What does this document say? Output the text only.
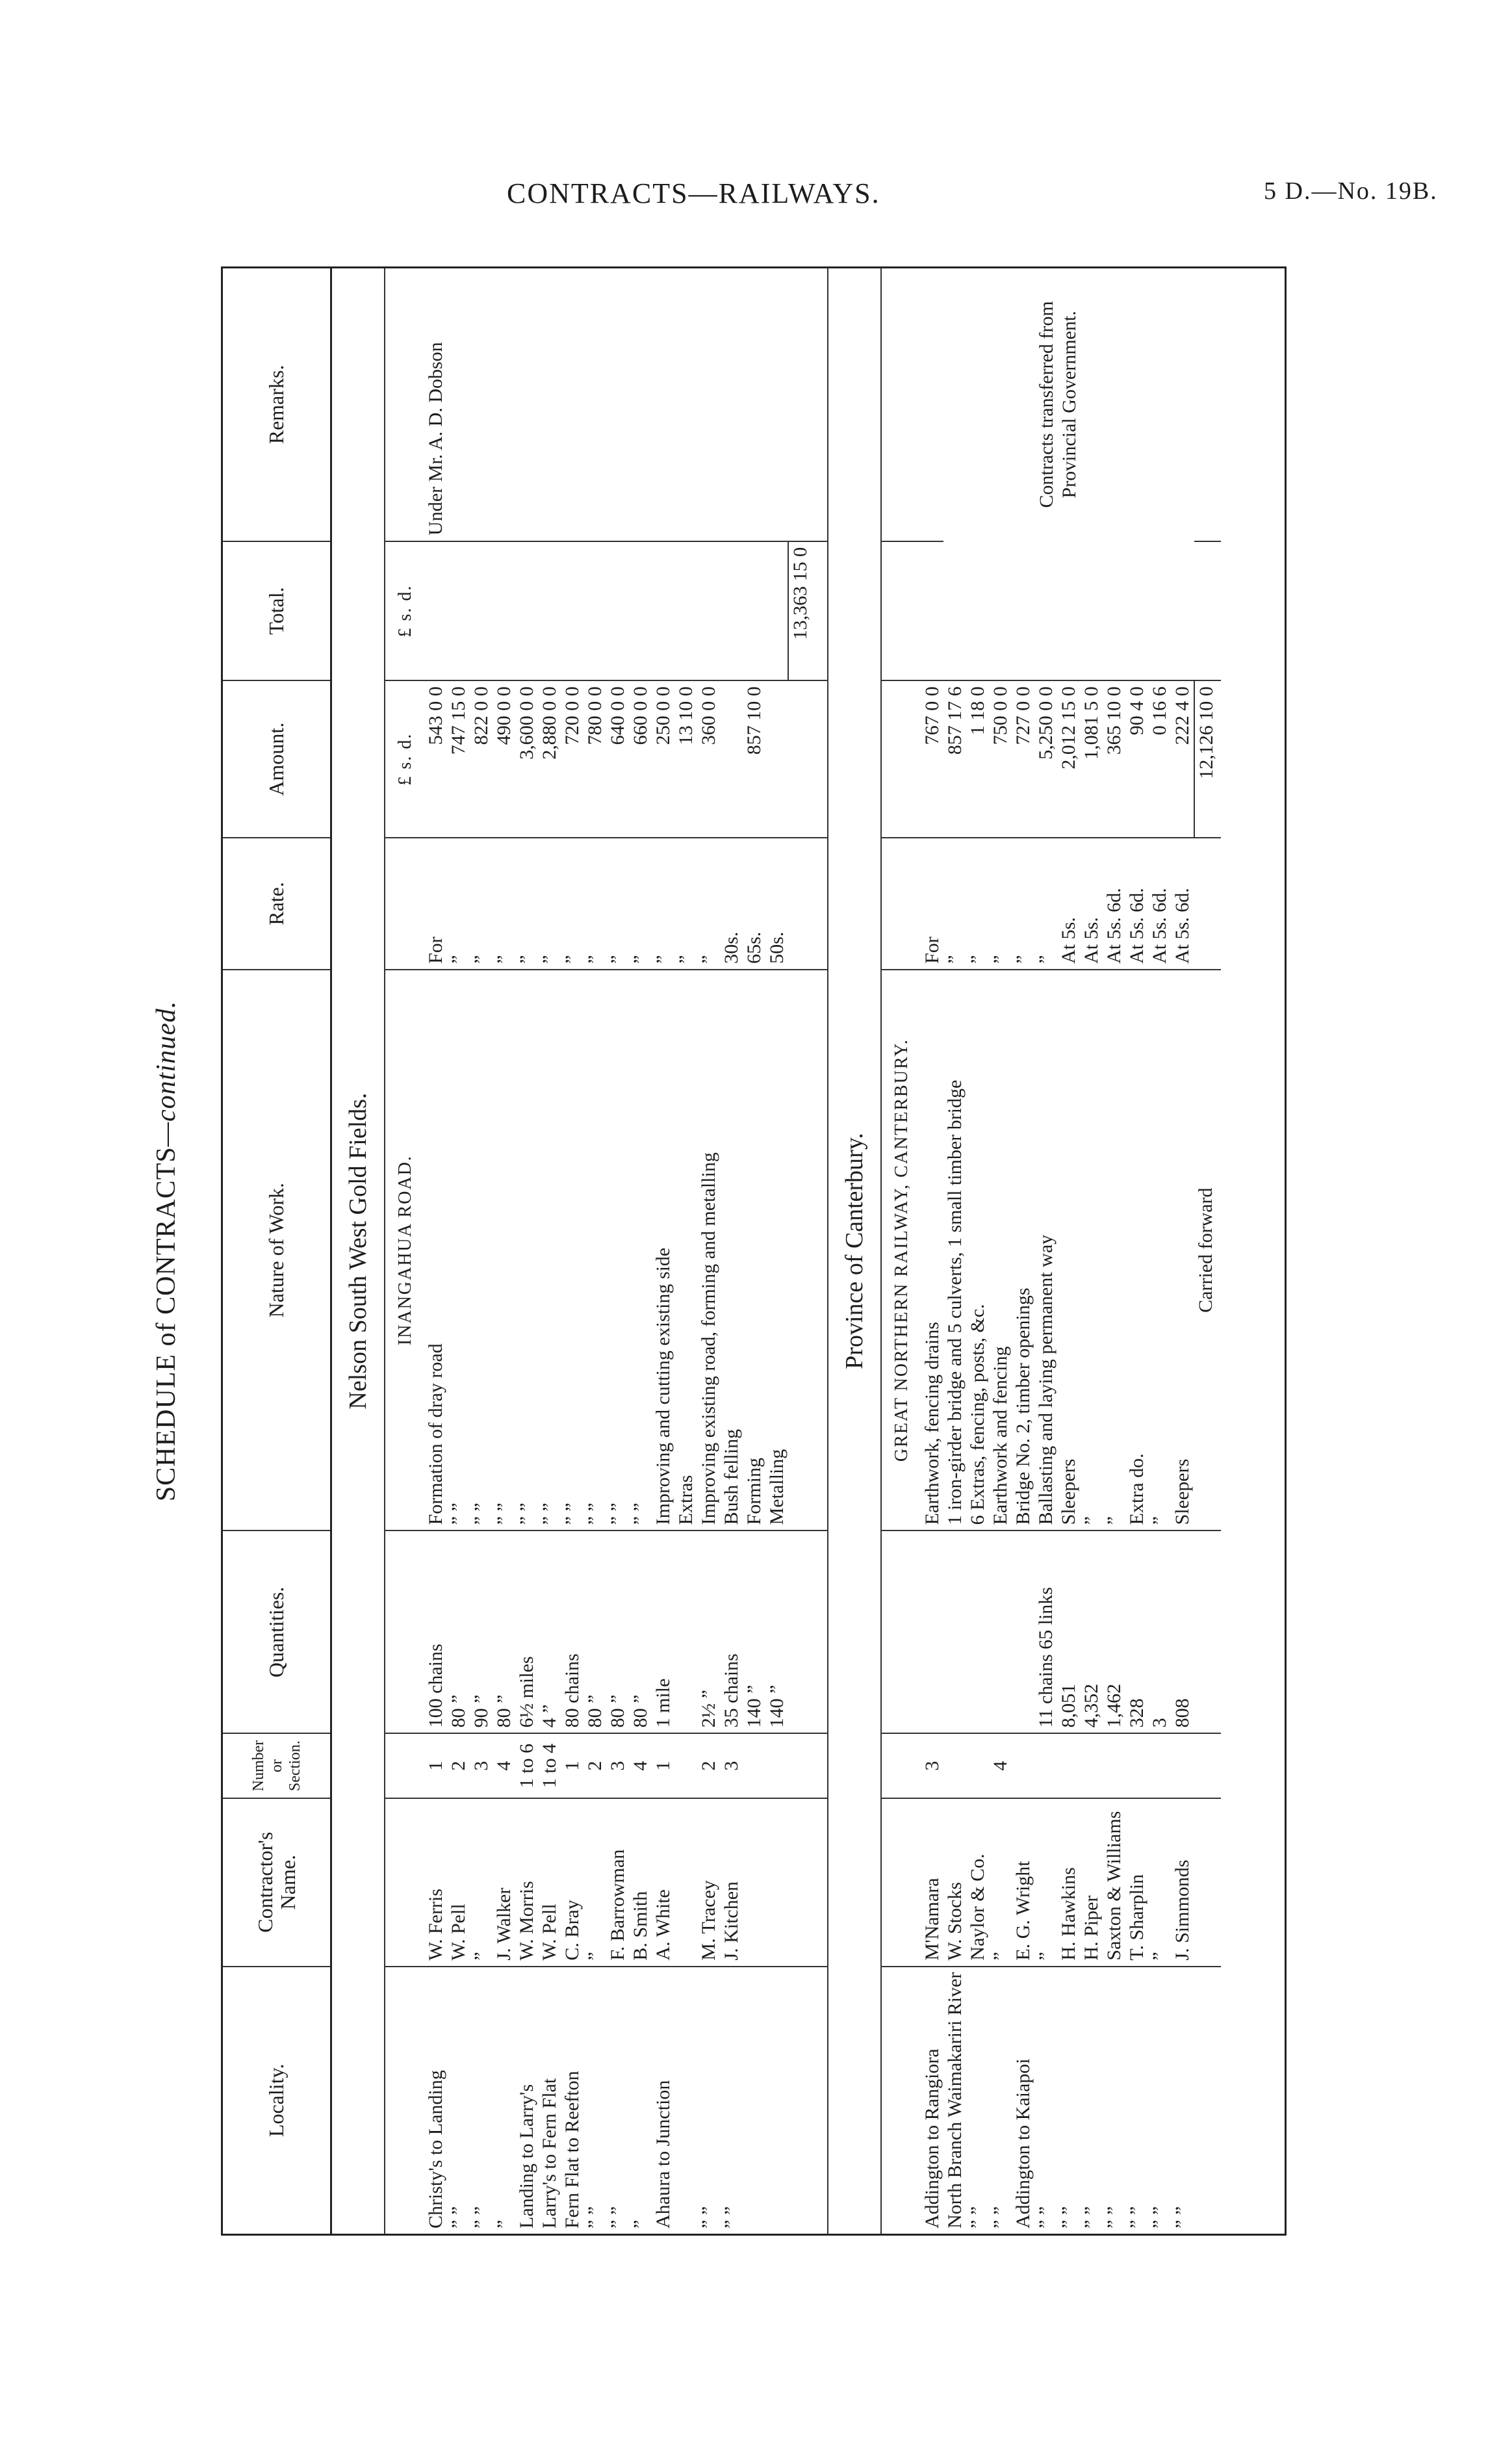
CONTRACTS—RAILWAYS.	5 D.—No. 19B.
SCHEDULE of CONTRACTS—continued.
Locality.	Contractor's Name.	Number or Section.	Quantities.	Nature of Work.	Rate.	Amount.	Total.	Remarks.
Nelson South West Gold Fields.								
				INANGAHUA ROAD.		£ s. d.	£ s. d.	
Christy's to Landing	W. Ferris	1	100 chains	Formation of dray road	For	543 0 0		Under Mr. A. D. Dobson
” ”	W. Pell	2	80 ”	” ”	”	747 15 0		
” ”	”	3	90 ”	” ”	”	822 0 0		
”	J. Walker	4	80 ”	” ”	”	490 0 0		
Landing to Larry's	W. Morris	1 to 6	6½ miles	” ”	”	3,600 0 0		
Larry's to Fern Flat	W. Pell	1 to 4	4 ”	” ”	”	2,880 0 0		
Fern Flat to Reefton	C. Bray	1	80 chains	” ”	”	720 0 0		
” ”	”	2	80 ”	” ”	”	780 0 0		
” ”	F. Barrowman	3	80 ”	” ”	”	640 0 0		
”	B. Smith	4	80 ”	” ”	”	660 0 0		
Ahaura to Junction	A. White	1	1 mile	Improving and cutting existing side	”	250 0 0		
				Extras	”	13 10 0		
” ”	M. Tracey	2	2½ ”	Improving existing road, forming and metalling	”	360 0 0		
” ”	J. Kitchen	3	35 chains	Bush felling	30s.			
			140 ”	Forming	65s.	857 10 0		
			140 ”	Metalling	50s.			
							13,363 15 0	

Province of Canterbury.								
				GREAT NORTHERN RAILWAY, CANTERBURY.				
Addington to Rangiora	M'Namara	3		Earthwork, fencing drains	For	767 0 0		Contracts transferred from Provincial Government.
North Branch Waimakariri River	W. Stocks			1 iron-girder bridge and 5 culverts, 1 small timber bridge	”	857 17 6		
” ”	Naylor & Co.			6 Extras, fencing, posts, &c.	”	1 18 0		
” ”	”	4		Earthwork and fencing	”	750 0 0		
Addington to Kaiapoi	E. G. Wright			Bridge No. 2, timber openings	”	727 0 0		
” ”	”		11 chains 65 links	Ballasting and laying permanent way	”	5,250 0 0		
” ”	H. Hawkins		8,051	Sleepers	At 5s.	2,012 15 0		
” ”	H. Piper		4,352	”	At 5s.	1,081 5 0		
” ”	Saxton & Williams		1,462	”	At 5s. 6d.	365 10 0		
” ”	T. Sharplin		328	Extra do.	At 5s. 6d.	90 4 0		
” ”	”		3	”	At 5s. 6d.	0 16 6		
” ”	J. Simmonds		808	Sleepers	At 5s. 6d.	222 4 0		
				Carried forward		12,126 10 0		
